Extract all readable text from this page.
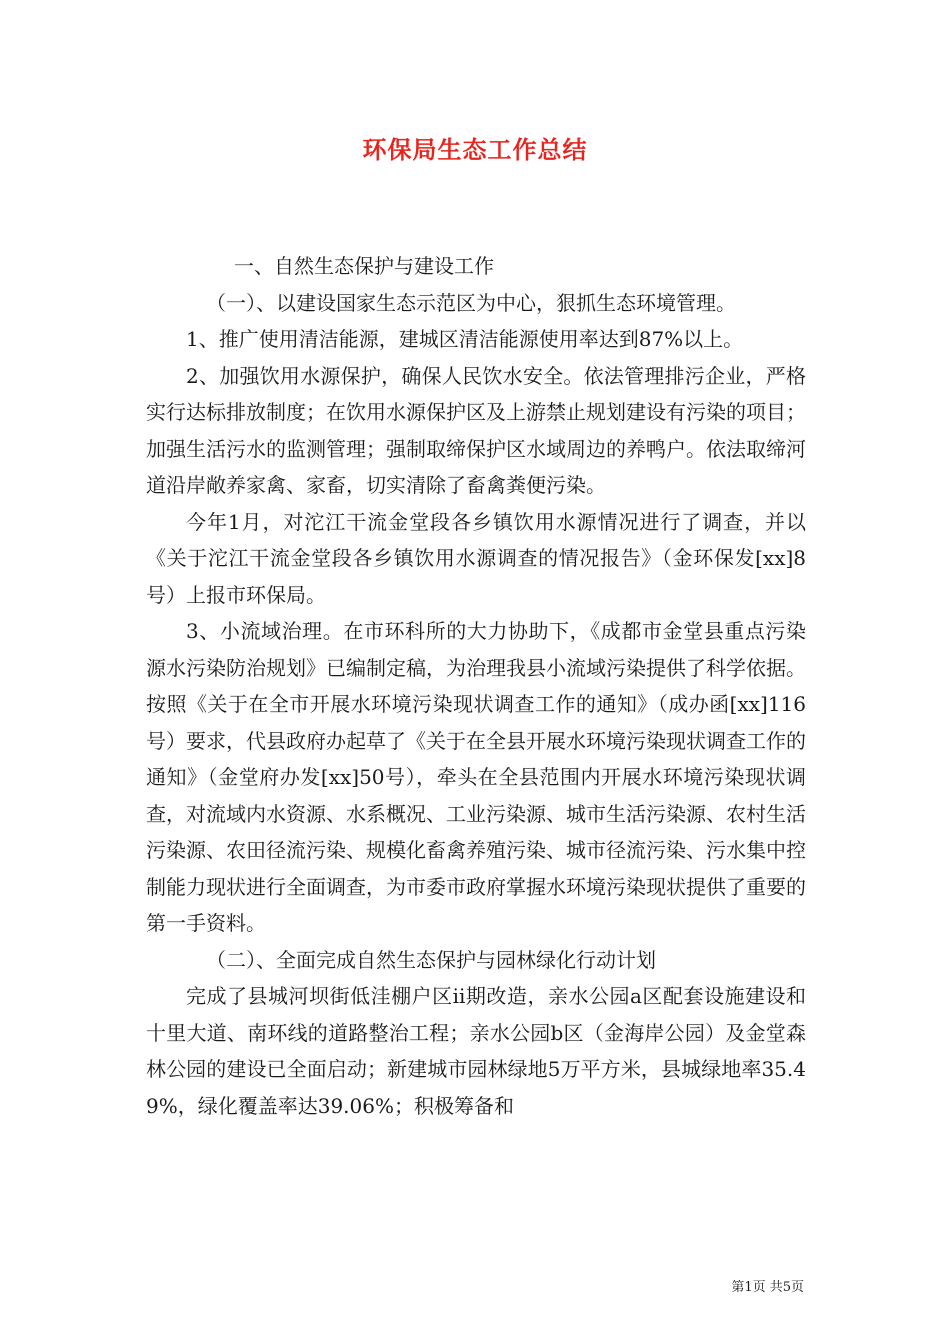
环保局生态工作总结

一、自然生态保护与建设工作

（一）、以建设国家生态示范区为中心，狠抓生态环境管理。

1、推广使用清洁能源，建城区清洁能源使用率达到87%以上。

2、加强饮用水源保护，确保人民饮水安全。依法管理排污企业，严格实行达标排放制度；在饮用水源保护区及上游禁止规划建设有污染的项目；加强生活污水的监测管理；强制取缔保护区水域周边的养鸭户。依法取缔河道沿岸敞养家禽、家畜，切实清除了畜禽粪便污染。

今年1月，对沱江干流金堂段各乡镇饮用水源情况进行了调查，并以《关于沱江干流金堂段各乡镇饮用水源调查的情况报告》（金环保发[xx]8号）上报市环保局。

3、小流域治理。在市环科所的大力协助下，《成都市金堂县重点污染源水污染防治规划》已编制定稿，为治理我县小流域污染提供了科学依据。按照《关于在全市开展水环境污染现状调查工作的通知》（成办函[xx]116号）要求，代县政府办起草了《关于在全县开展水环境污染现状调查工作的通知》（金堂府办发[xx]50号），牵头在全县范围内开展水环境污染现状调查，对流域内水资源、水系概况、工业污染源、城市生活污染源、农村生活污染源、农田径流污染、规模化畜禽养殖污染、城市径流污染、污水集中控制能力现状进行全面调查，为市委市政府掌握水环境污染现状提供了重要的第一手资料。

（二）、全面完成自然生态保护与园林绿化行动计划

完成了县城河坝街低洼棚户区ii期改造，亲水公园a区配套设施建设和十里大道、南环线的道路整治工程；亲水公园b区（金海岸公园）及金堂森林公园的建设已全面启动；新建城市园林绿地5万平方米，县城绿地率35.49%，绿化覆盖率达39.06%；积极筹备和

第1页 共5页
